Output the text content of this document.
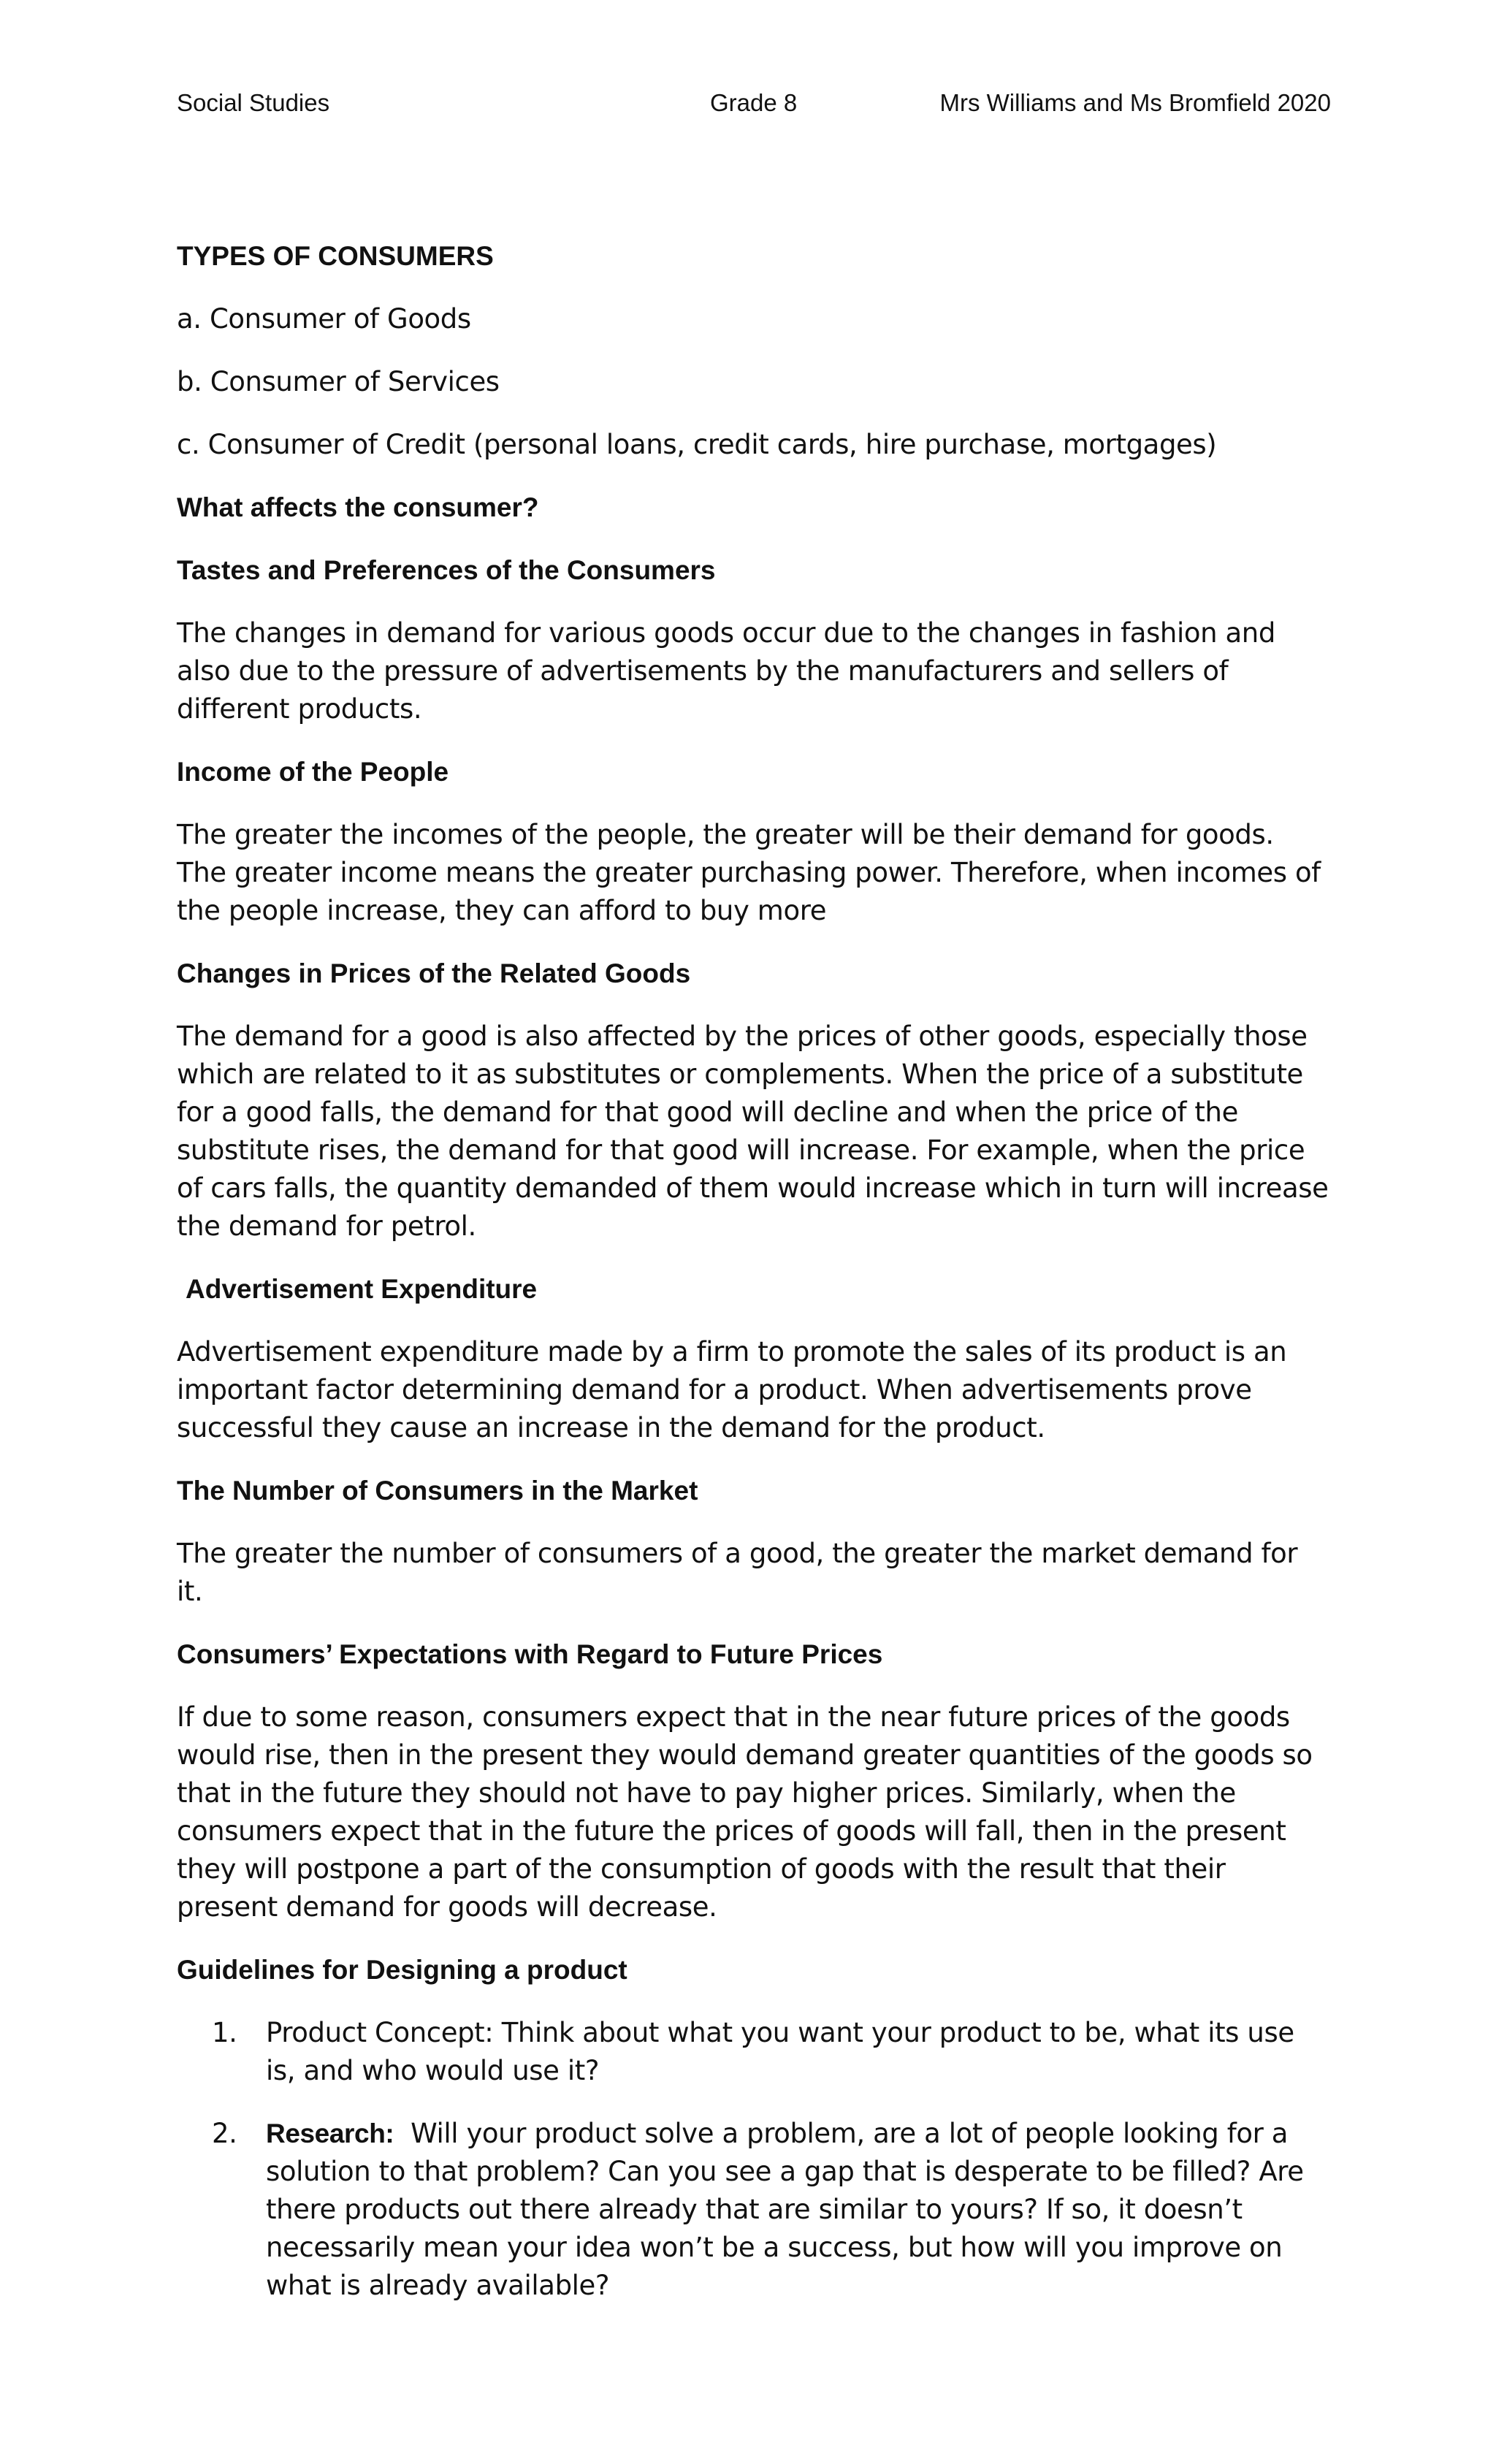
Social Studies	Grade 8	Mrs Williams and Ms Bromfield 2020

TYPES OF CONSUMERS

a. Consumer of Goods

b. Consumer of Services

c. Consumer of Credit (personal loans, credit cards, hire purchase, mortgages)

What affects the consumer?

Tastes and Preferences of the Consumers

The changes in demand for various goods occur due to the changes in fashion and also due to the pressure of advertisements by the manufacturers and sellers of different products.

Income of the People

The greater the incomes of the people, the greater will be their demand for goods. The greater income means the greater purchasing power. Therefore, when incomes of the people increase, they can afford to buy more

Changes in Prices of the Related Goods

The demand for a good is also affected by the prices of other goods, especially those which are related to it as substitutes or complements. When the price of a substitute for a good falls, the demand for that good will decline and when the price of the substitute rises, the demand for that good will increase. For example, when the price of cars falls, the quantity demanded of them would increase which in turn will increase the demand for petrol.

Advertisement Expenditure

Advertisement expenditure made by a firm to promote the sales of its product is an important factor determining demand for a product. When advertisements prove successful they cause an increase in the demand for the product.

The Number of Consumers in the Market

The greater the number of consumers of a good, the greater the market demand for it.

Consumers’ Expectations with Regard to Future Prices

If due to some reason, consumers expect that in the near future prices of the goods would rise, then in the present they would demand greater quantities of the goods so that in the future they should not have to pay higher prices. Similarly, when the consumers expect that in the future the prices of goods will fall, then in the present they will postpone a part of the consumption of goods with the result that their present demand for goods will decrease.

Guidelines for Designing a product

1. Product Concept: Think about what you want your product to be, what its use is, and who would use it?
2. Research:  Will your product solve a problem, are a lot of people looking for a solution to that problem? Can you see a gap that is desperate to be filled? Are there products out there already that are similar to yours? If so, it doesn’t necessarily mean your idea won’t be a success, but how will you improve on what is already available?
